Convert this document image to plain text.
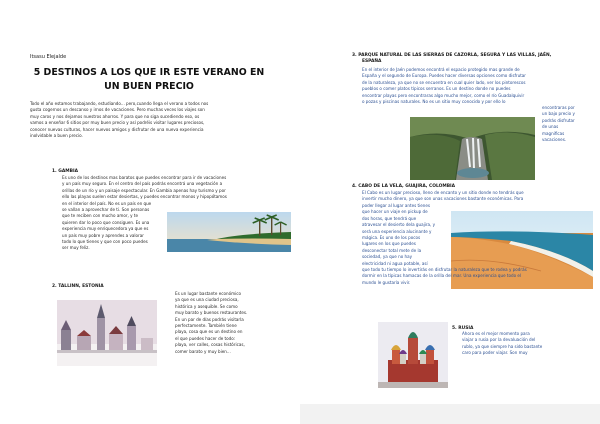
Itsasu Elejalde
5 DESTINOS A LOS QUE IR ESTE VERANO EN
UN BUEN PRECIO
Todo el año estamos trabajando, estudiando... pero,cuando llega el verano a todos nos
gusta cogernos un descanso y irnos de vacaciones. Pero muchas veces los viajes son
muy caros y nos dejamos nuestros ahorros. Y para que no siga sucediendo eso, os
vamos a enseñar 6 sitios por muy buen precio y así podréis visitar lugares preciosos,
conocer nuevas culturas, hacer nuevos amigos y disfrutar de una nueva experiencia
inolvidable a buen precio.
1. GAMBIA
Es uno de los destinos mas baratos que puedes encontrar para ir de vacaciones
y un país muy seguro. En el centro del país podrás encontrá una vegetación a
orillas de un río y un paisaje espectacular. En Gambia apenas hay turismo y por
ello las playas suelen estar desiertas, y puedes encontrar monos y hipopótamos
en el interior del país. No es un país en que
se vallan a aprovechar de ti. Son personas
que te reciben con mucho amor, y te
quieren dar lo poco que consiguen. Es una
experiencia muy enriquecedora ya que es
un país muy pobre y aprendes a valorar
todo lo que tienes y que con poco puedes
ser muy feliz.
2. TALLINN, ESTONIA
Es un lugar bastante económico
ya que es una ciudad preciosa,
histórica y asequible. Se como
muy barato y buenos restaurantes.
En un par de días podrás visitarla
perfectamente. También tiene
playa, cosa que es un destino en
el que puedes hacer de todo:
playa, ver calles, cosas históricas,
comer barato y muy bien...
3. PARQUE NATURAL DE LAS SIERRAS DE CAZORLA, SEGURA Y LAS VILLAS, JAÉN,
ESPAÑA
En el interior de Jaén podemos encontrá el espacio protegido mas grande de
España y el segundo de Europa. Puedes hacer diversas opciones como disfrutar
de la naturaleza, ya que no se encuentra en cual quier lado, ver los pintorescos
pueblos o comer platos típicos serranos. Es un destino donde no puedes
encontrar playas pero encontraras algo mucho mejor, como el río Guadalquivir
o pozas y piscinas naturales. No es un sitio muy conocido y por ello lo
encontraras por
un bajo precio y
podrás disfrutar
de unas
magnificas
vacaciones.
4. CABO DE LA VELA, GUAJIRA, COLOMBIA
El Cabo es un lugar precioso, lleno de encanto y un sitio donde no tendrás que
invertir mucho dinero, ya que son unas vacaciones bastante económicas. Para
poder llegar al lugar antes tienes
que hacer un viaje en pickup de
dos horas, que tendrá que
atravesar el desierto dela guajira, y
será una experiencia alucinante y
mágica. Es uno de los pocos
lugares en los que puedes
desconectar total mete de la
sociedad, ya que no hay
electricidad ni agua potable, así
que todo tu tiempo lo invertirás en disfrutar la naturaleza que te rodea y podrás
dormir en la típicas hamacas de la orilla del mar. Una experiencia que todo el
mundo le gustaría vivir.
5. RUSIA
Ahora es el mejor momento para
viajar a rusia por la devaluación del
rublo, ya que siempre ha sido bastante
caro para poder viajar. Son muy
